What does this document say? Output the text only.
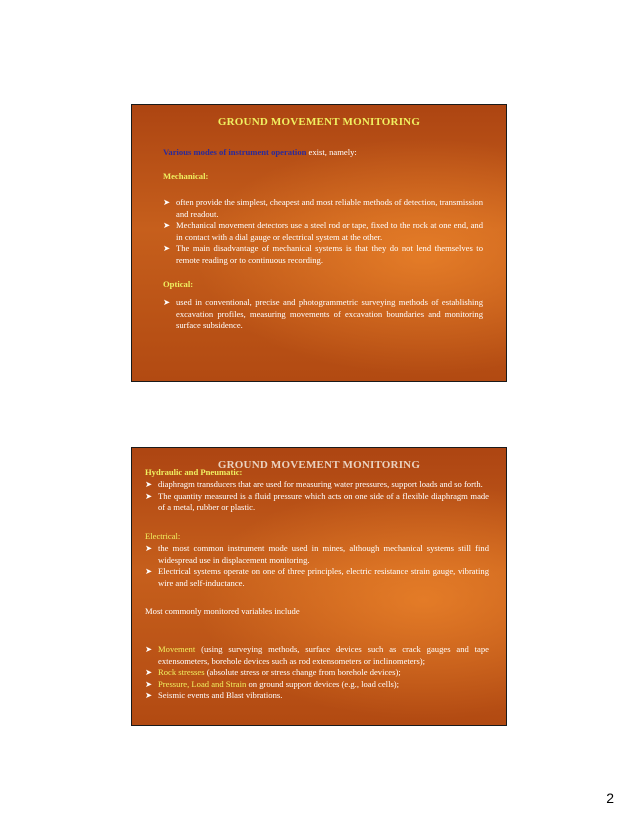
GROUND MOVEMENT MONITORING
Various modes of instrument operation exist, namely:
Mechanical:
➤ often provide the simplest, cheapest and most reliable methods of detection, transmission and readout.
➤ Mechanical movement detectors use a steel rod or tape, fixed to the rock at one end, and in contact with a dial gauge or electrical system at the other.
➤ The main disadvantage of mechanical systems is that they do not lend themselves to remote reading or to continuous recording.
Optical:
➤ used in conventional, precise and photogrammetric surveying methods of establishing excavation profiles, measuring movements of excavation boundaries and monitoring surface subsidence.
GROUND MOVEMENT MONITORING
Hydraulic and Pneumatic:
➤ diaphragm transducers that are used for measuring water pressures, support loads and so forth.
➤ The quantity measured is a fluid pressure which acts on one side of a flexible diaphragm made of a metal, rubber or plastic.
Electrical:
➤ the most common instrument mode used in mines, although mechanical systems still find widespread use in displacement monitoring.
➤ Electrical systems operate on one of three principles, electric resistance strain gauge, vibrating wire and self-inductance.
Most commonly monitored variables include
➤ Movement (using surveying methods, surface devices such as crack gauges and tape extensometers, borehole devices such as rod extensometers or inclinometers);
➤ Rock stresses (absolute stress or stress change from borehole devices);
➤ Pressure, Load and Strain on ground support devices (e.g., load cells);
➤ Seismic events and Blast vibrations.
2
